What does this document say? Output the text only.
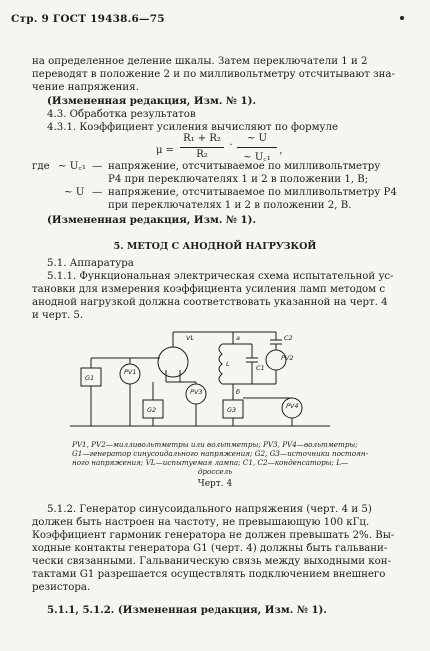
Стр. 9 ГОСТ 19438.6—75
на определенное деление шкалы. Затем переключатели 1 и 2
переводят в положение 2 и по милливольтметру отсчитывают зна-
чение напряжения.
(Измененная редакция, Изм. № 1).
4.3. Обработка результатов
4.3.1. Коэффициент усиления вычисляют по формуле
μ =
R₁ + R₂
R₂
·
~ U
~ U꜀₁
,
где ~ U꜀₁ — напряжение, отсчитываемое по милливольтметру
P4 при переключателях 1 и 2 в положении 1, В;
~ U — напряжение, отсчитываемое по милливольтметру P4
при переключателях 1 и 2 в положении 2, В.
(Измененная редакция, Изм. № 1).
5. МЕТОД С АНОДНОЙ НАГРУЗКОЙ
5.1. Аппаратура
5.1.1. Функциональная электрическая схема испытательной ус-
тановки для измерения коэффициента усиления ламп методом с
анодной нагрузкой должна соответствовать указанной на черт. 4
и черт. 5.
VL	a
б
C2
L	C1
PV1
PV2
PV3
PV4
G1
G2	G3
PV1, PV2—милливольтметры или вольтметры; PV3, PV4—вольтметры;
G1—генератор синусоидального напряжения; G2, G3—источники постоян-
ного напряжения; VL—испытуемая лампа; C1, C2—конденсаторы; L—
дроссель
Черт. 4
5.1.2. Генератор синусоидального напряжения (черт. 4 и 5)
должен быть настроен на частоту, не превышающую 100 кГц.
Коэффициент гармоник генератора не должен превышать 2%. Вы-
ходные контакты генератора G1 (черт. 4) должны быть гальвани-
чески связанными. Гальваническую связь между выходными кон-
тактами G1 разрешается осуществлять подключением внешнего
резистора.
5.1.1, 5.1.2. (Измененная редакция, Изм. № 1).
